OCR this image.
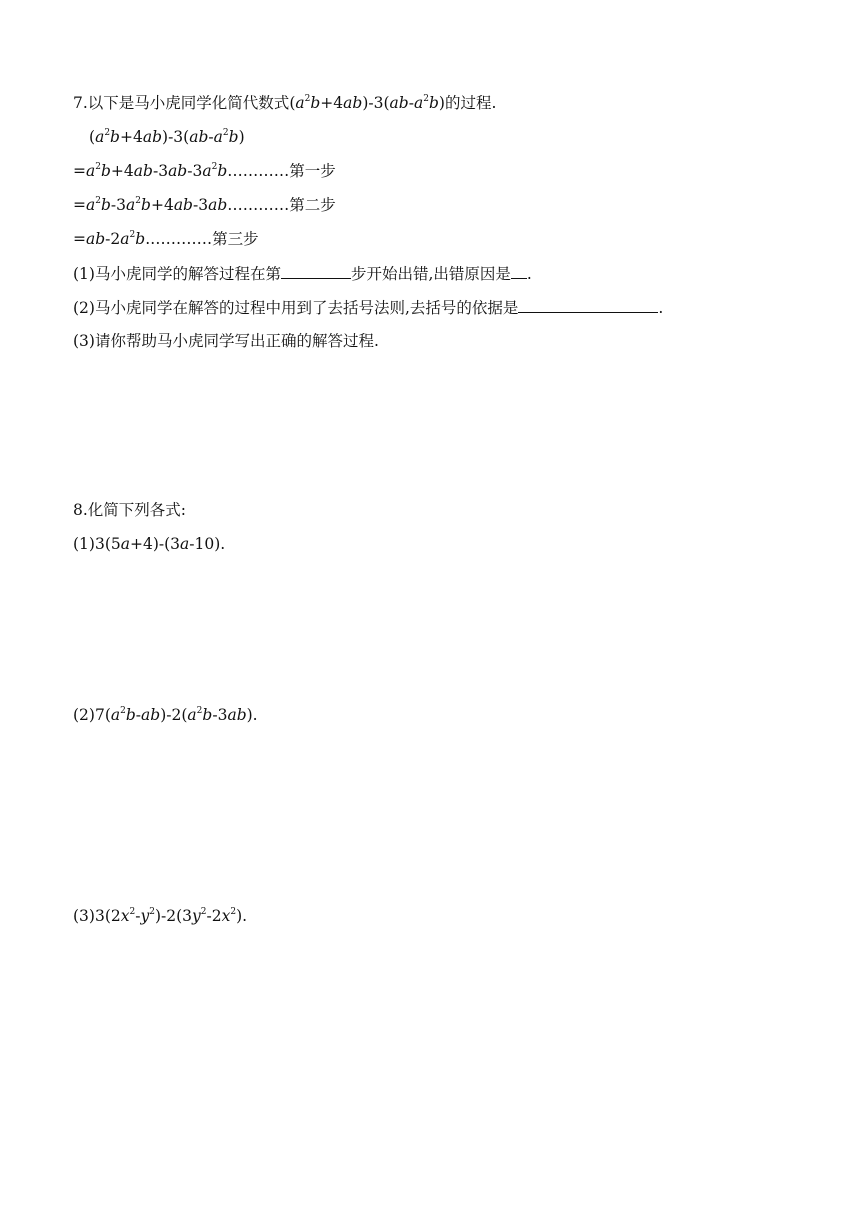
7.以下是马小虎同学化简代数式$(a^2b+4ab)-3(ab-a^2b)$的过程.
$(a^2b+4ab)-3(ab-a^2b)$
$=a^2b+4ab-3ab-3a^2b\dots\dots\dots\dots$第一步
$=a^2b-3a^2b+4ab-3ab\dots\dots\dots\dots$第二步
$=ab-2a^2b.\dots\dots\dots\dots$第三步
(1)马小虎同学的解答过程在第	步开始出错,出错原因是 .
(2)马小虎同学在解答的过程中用到了去括号法则,去括号的依据是	.
(3)请你帮助马小虎同学写出正确的解答过程.
8.化简下列各式:
(1)3(5a+4)-(3a-10).
$(2)7(a^2b-ab)-2(a^2b-3ab)$.
$(3)3(2x^2-y^2)-2(3y^2-2x^2)$.
